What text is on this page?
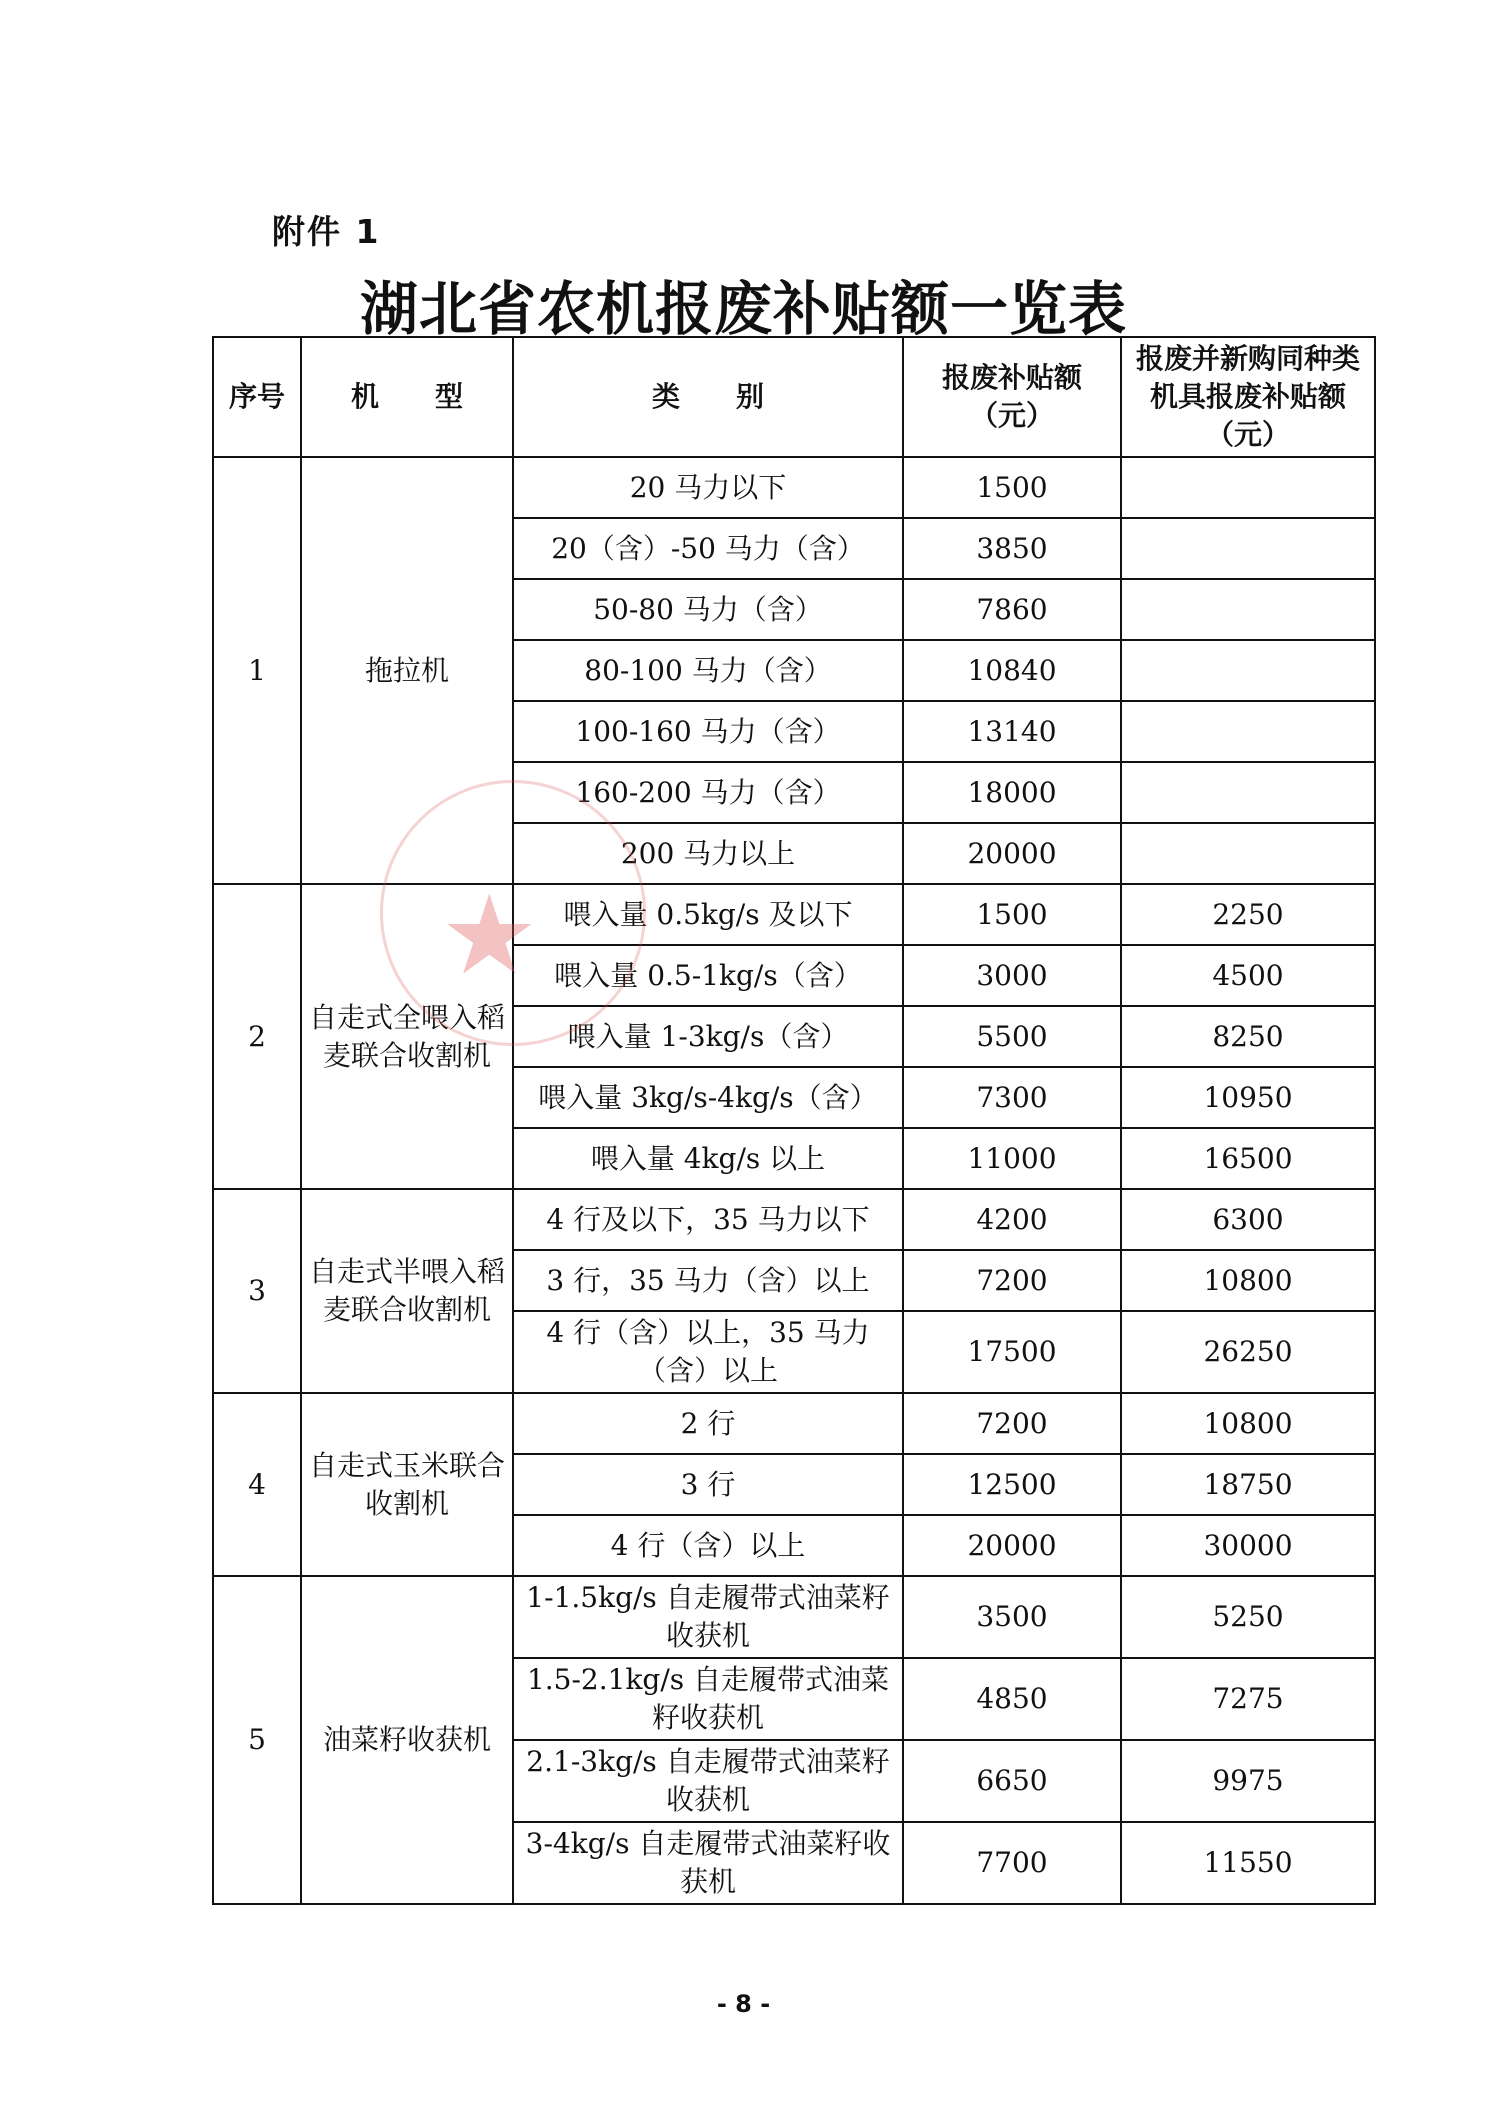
附件 1
湖北省农机报废补贴额一览表
序号	机　　型	类　　别	报废补贴额（元）	报废并新购同种类机具报废补贴额（元）
1	拖拉机	20 马力以下	1500	
		20（含）-50 马力（含）	3850	
		50-80 马力（含）	7860	
		80-100 马力（含）	10840	
		100-160 马力（含）	13140	
		160-200 马力（含）	18000	
		200 马力以上	20000	
2	自走式全喂入稻麦联合收割机	喂入量 0.5kg/s 及以下	1500	2250
		喂入量 0.5-1kg/s（含）	3000	4500
		喂入量 1-3kg/s（含）	5500	8250
		喂入量 3kg/s-4kg/s（含）	7300	10950
		喂入量 4kg/s 以上	11000	16500
3	自走式半喂入稻麦联合收割机	4 行及以下，35 马力以下	4200	6300
		3 行，35 马力（含）以上	7200	10800
		4 行（含）以上，35 马力（含）以上	17500	26250
4	自走式玉米联合收割机	2 行	7200	10800
		3 行	12500	18750
		4 行（含）以上	20000	30000
5	油菜籽收获机	1-1.5kg/s 自走履带式油菜籽收获机	3500	5250
		1.5-2.1kg/s 自走履带式油菜籽收获机	4850	7275
		2.1-3kg/s 自走履带式油菜籽收获机	6650	9975
		3-4kg/s 自走履带式油菜籽收获机	7700	11550
★
- 8 -
